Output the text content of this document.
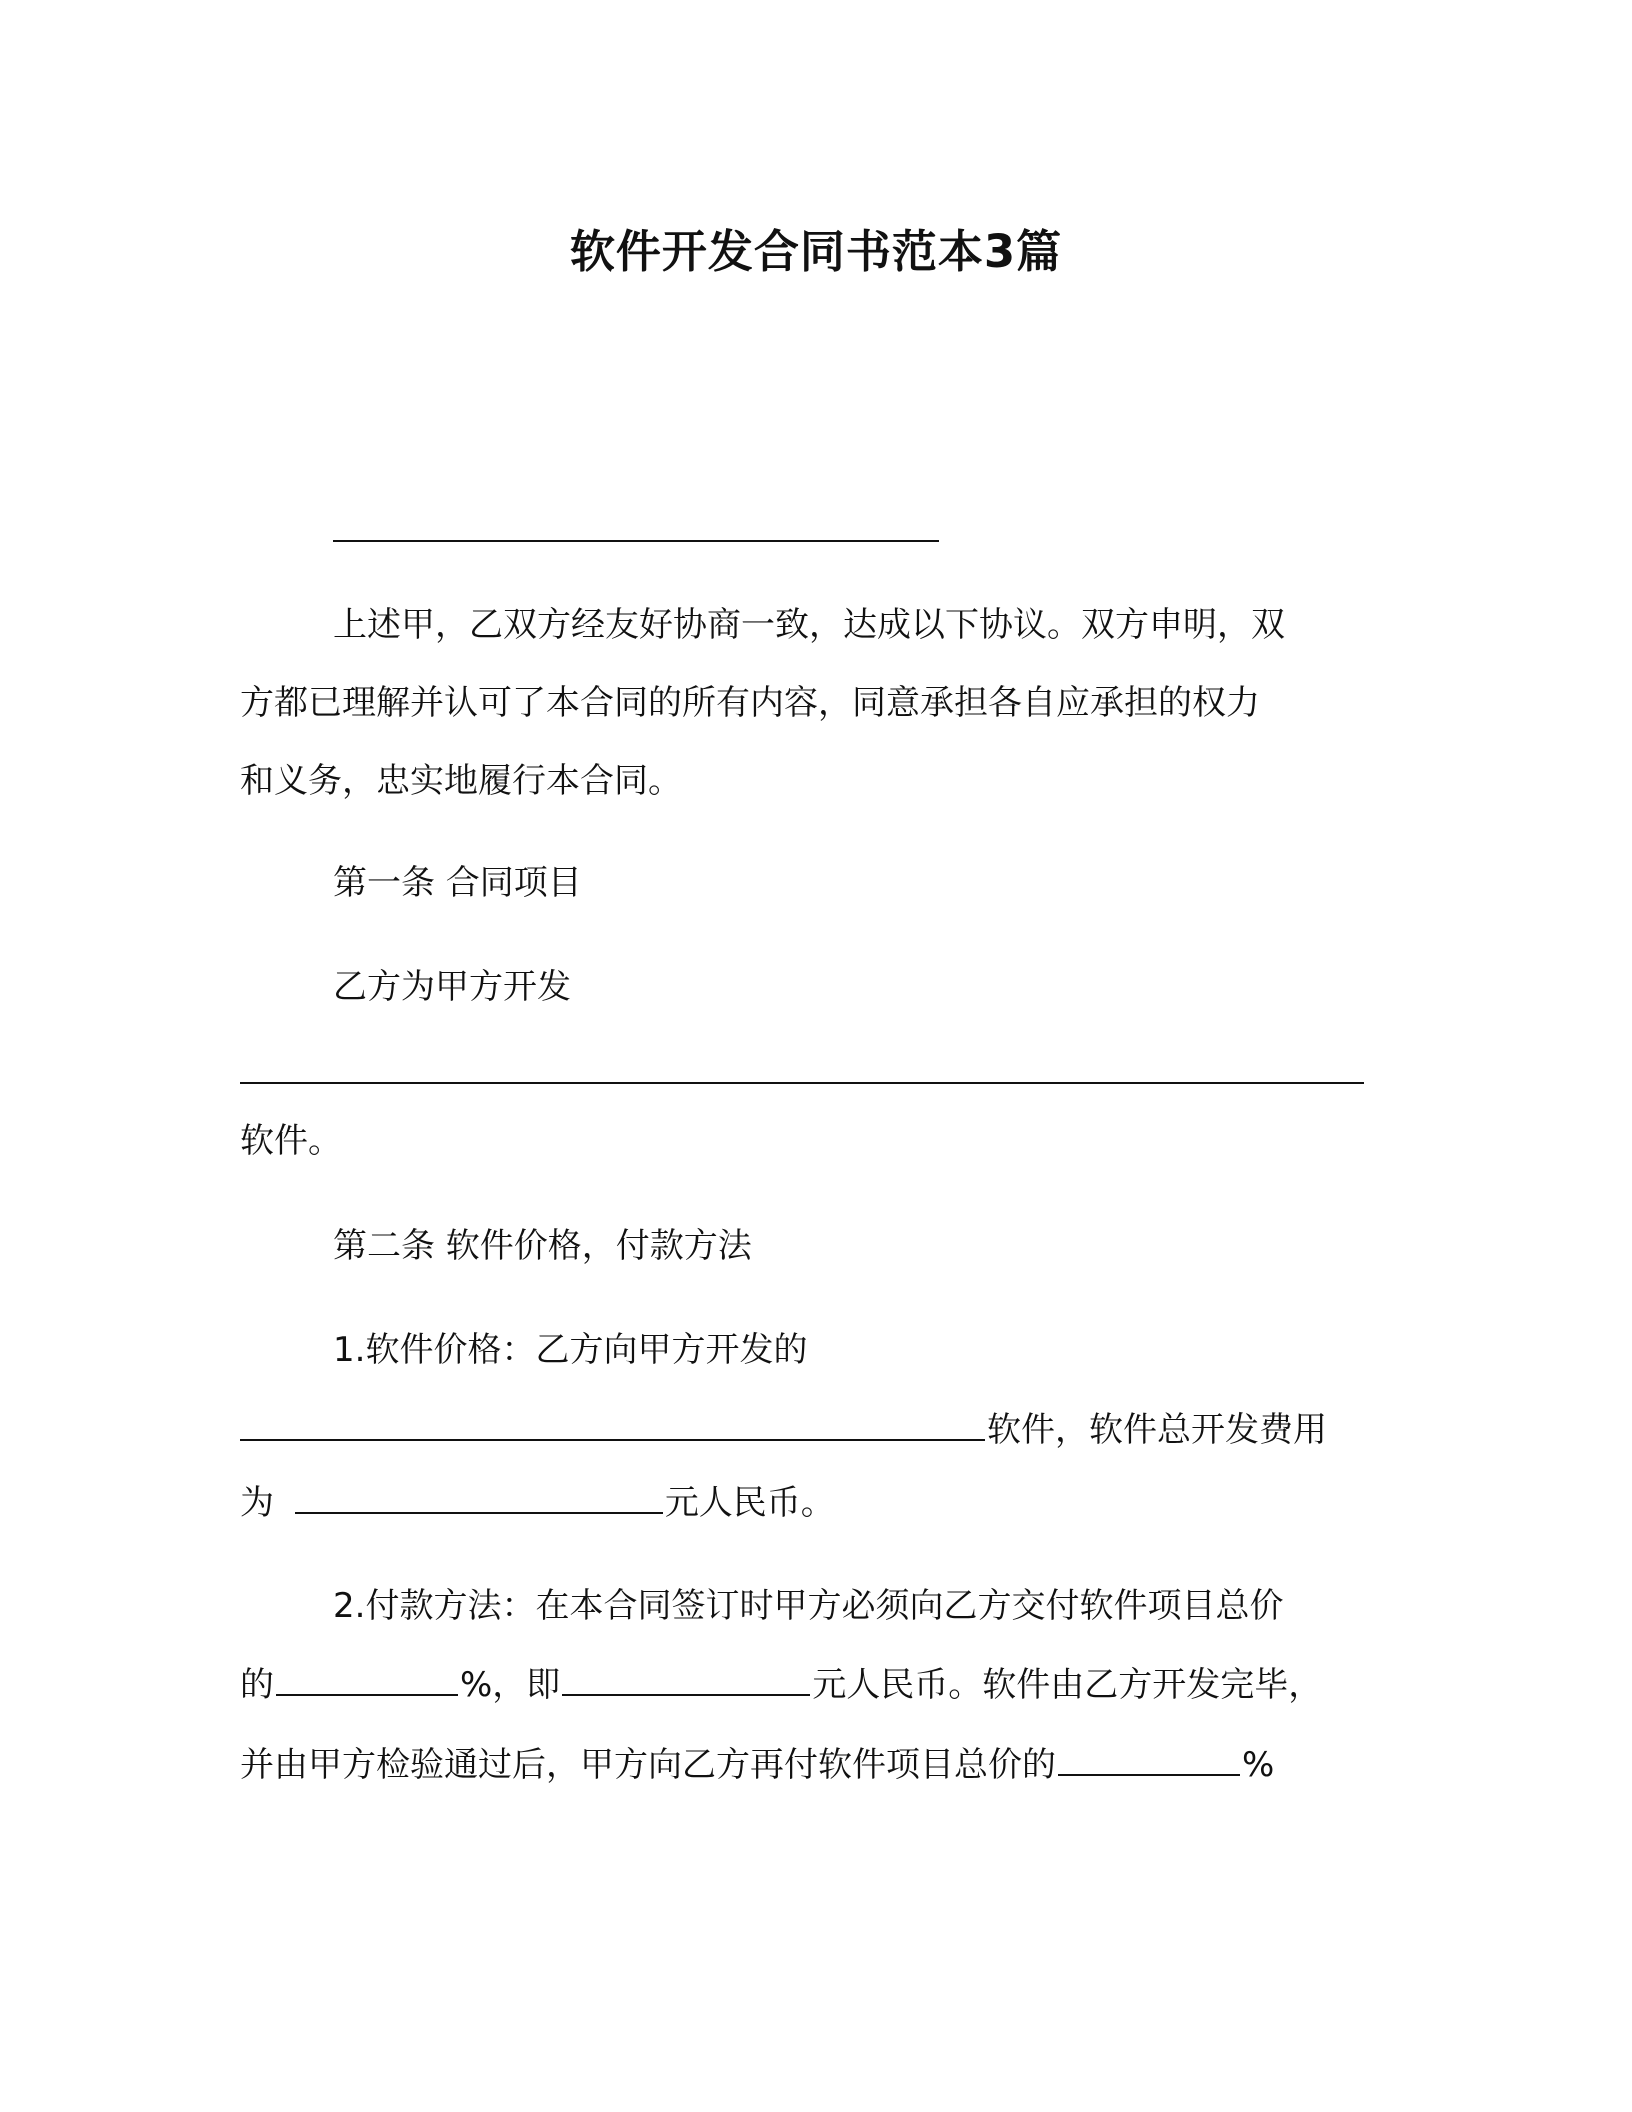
软件开发合同书范本3篇
上述甲，乙双方经友好协商一致，达成以下协议。双方申明，双
方都已理解并认可了本合同的所有内容，同意承担各自应承担的权力
和义务，忠实地履行本合同。
第一条 合同项目
乙方为甲方开发
软件。
第二条 软件价格，付款方法
1.软件价格：乙方向甲方开发的
软件，软件总开发费用
为	元人民币。
2.付款方法：在本合同签订时甲方必须向乙方交付软件项目总价
的	%，即	元人民币。软件由乙方开发完毕，
并由甲方检验通过后，甲方向乙方再付软件项目总价的	%
